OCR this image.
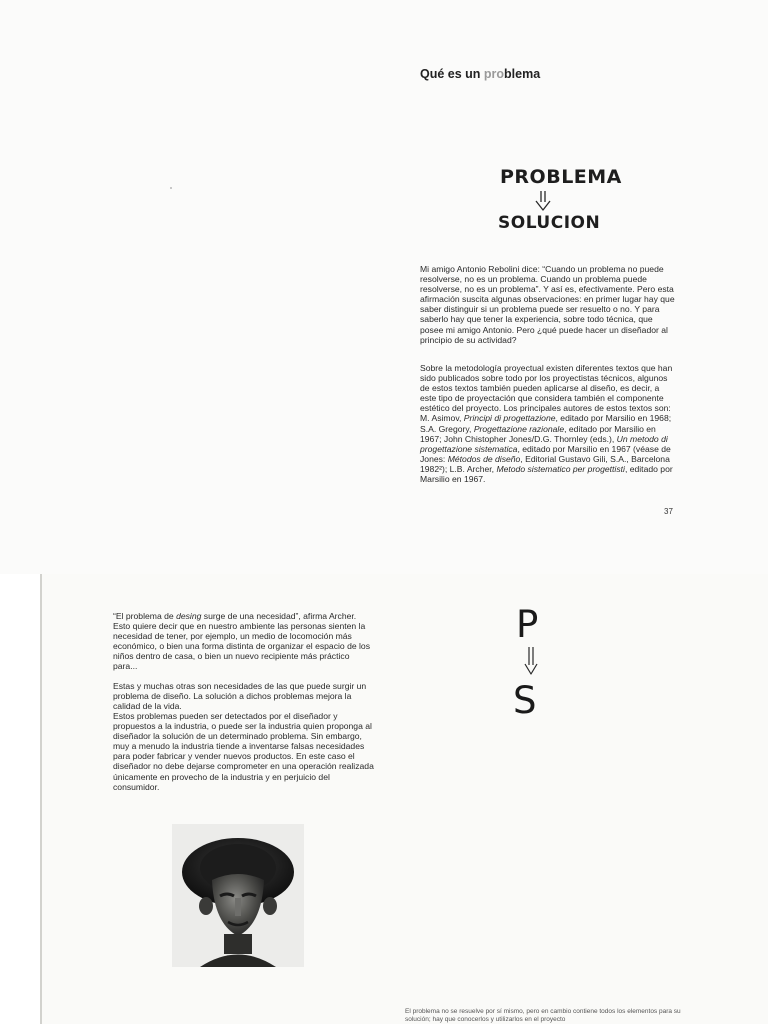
Qué es un problema
PROBLEMA
SOLUCION

Mi amigo Antonio Rebolini dice: “Cuando un problema no puede resolverse, no es un problema. Cuando un problema puede resolverse, no es un problema”. Y así es, efectivamente. Pero esta afirmación suscita algunas observaciones: en primer lugar hay que saber distinguir si un problema puede ser resuelto o no. Y para saberlo hay que tener la experiencia, sobre todo técnica, que posee mi amigo Antonio. Pero ¿qué puede hacer un diseñador al principio de su actividad?

Sobre la metodología proyectual existen diferentes textos que han sido publicados sobre todo por los proyectistas técnicos, algunos de estos textos también pueden aplicarse al diseño, es decir, a este tipo de proyectación que considera también el componente estético del proyecto. Los principales autores de estos textos son: M. Asimov, Principi di progettazione, editado por Marsilio en 1968; S.A. Gregory, Progettazione razionale, editado por Marsilio en 1967; John Chistopher Jones/D.G. Thornley (eds.), Un metodo di progettazione sistematica, editado por Marsilio en 1967 (véase de Jones: Métodos de diseño, Editorial Gustavo Gili, S.A., Barcelona 1982²); L.B. Archer, Metodo sistematico per progettisti, editado por Marsilio en 1967.

37

“El problema de desing surge de una necesidad”, afirma Archer. Esto quiere decir que en nuestro ambiente las personas sienten la necesidad de tener, por ejemplo, un medio de locomoción más económico, o bien una forma distinta de organizar el espacio de los niños dentro de casa, o bien un nuevo recipiente más práctico para...

Estas y muchas otras son necesidades de las que puede surgir un problema de diseño. La solución a dichos problemas mejora la calidad de la vida.

Estos problemas pueden ser detectados por el diseñador y propuestos a la industria, o puede ser la industria quien proponga al diseñador la solución de un determinado problema. Sin embargo, muy a menudo la industria tiende a inventarse falsas necesidades para poder fabricar y vender nuevos productos. En este caso el diseñador no debe dejarse comprometer en una operación realizada únicamente en provecho de la industria y en perjuicio del consumidor.

P
S

El problema no se resuelve por sí mismo, pero en cambio contiene todos los elementos para su solución; hay que conocerlos y utilizarlos en el proyecto
